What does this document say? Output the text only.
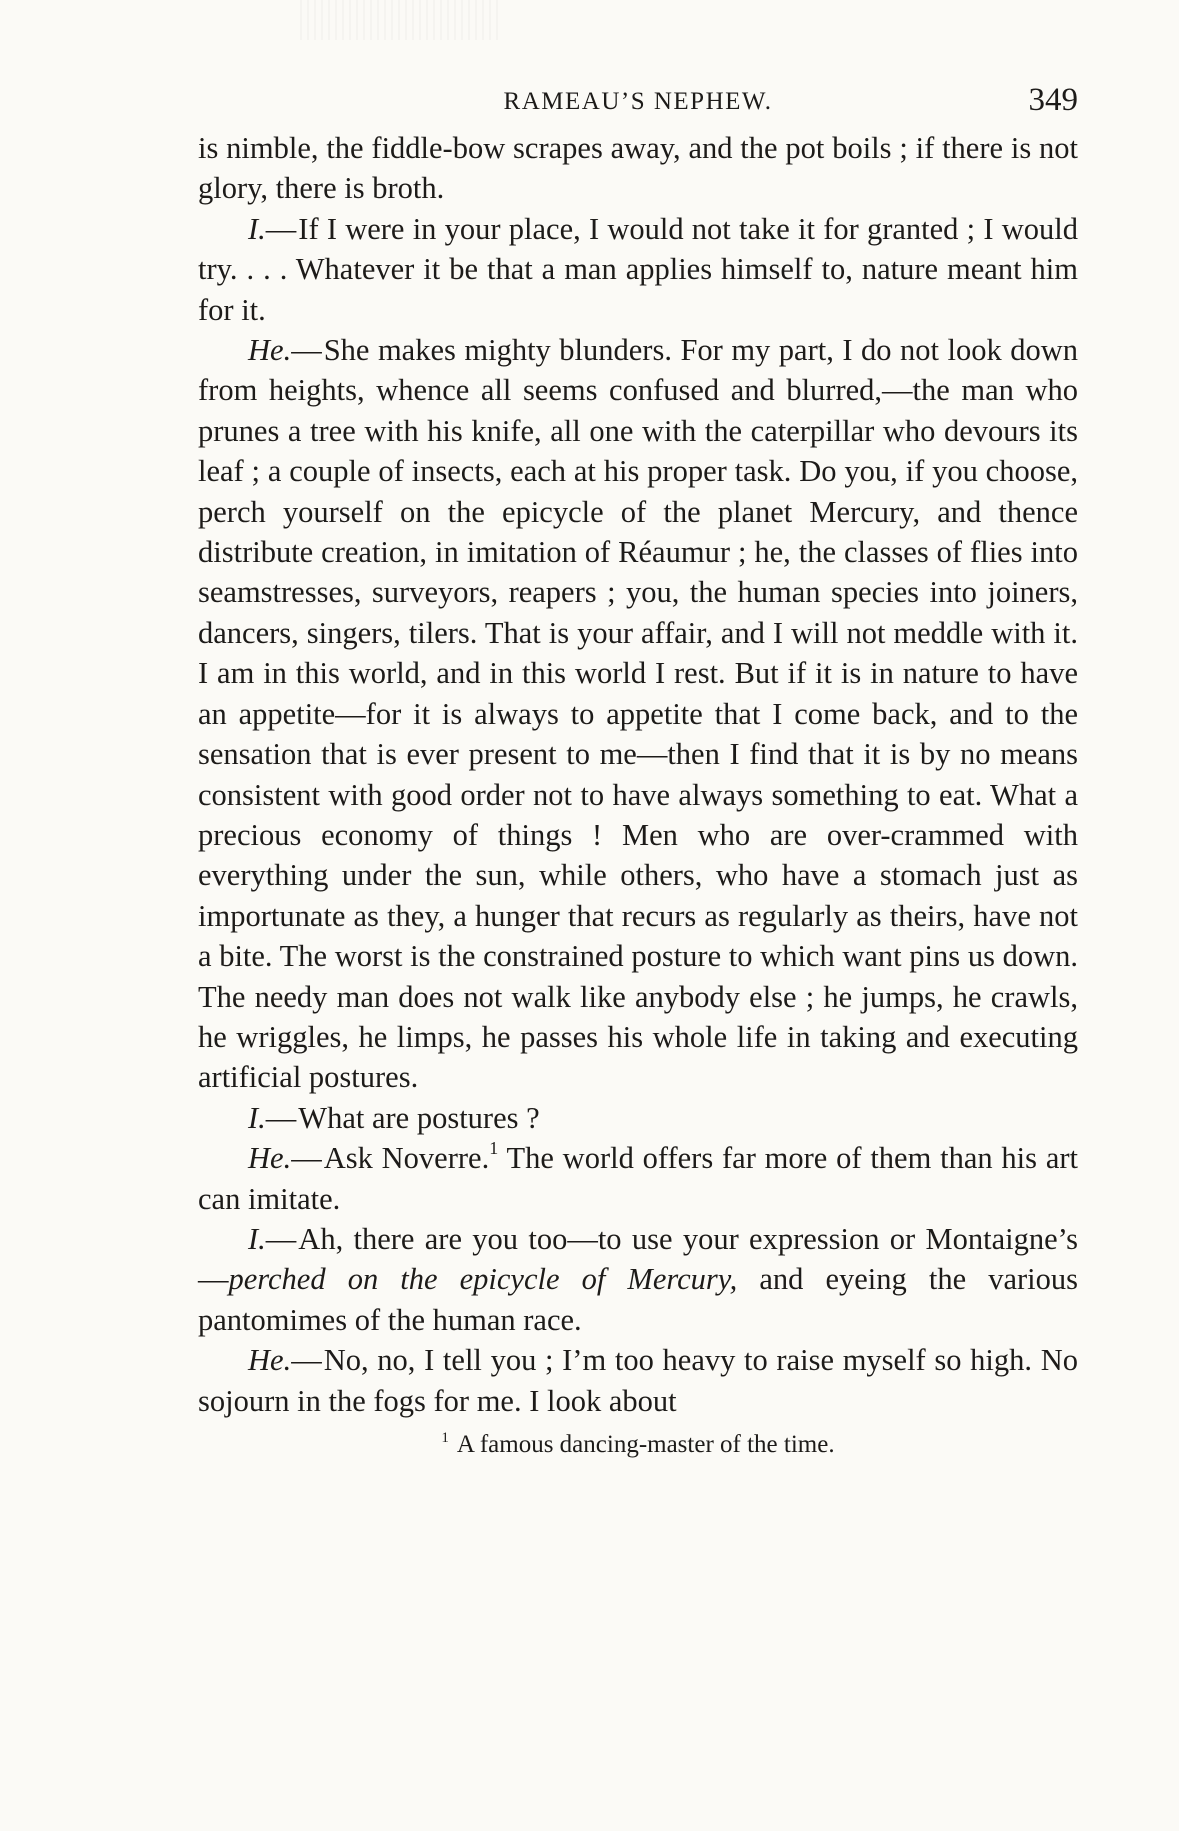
RAMEAU’S NEPHEW.	349

is nimble, the fiddle-bow scrapes away, and the pot boils ; if there is not glory, there is broth.

I.—If I were in your place, I would not take it for granted ; I would try. . . . Whatever it be that a man applies himself to, nature meant him for it.

He.—She makes mighty blunders. For my part, I do not look down from heights, whence all seems confused and blurred,—the man who prunes a tree with his knife, all one with the caterpillar who devours its leaf ; a couple of insects, each at his proper task. Do you, if you choose, perch yourself on the epicycle of the planet Mercury, and thence distribute creation, in imitation of Réaumur ; he, the classes of flies into seamstresses, surveyors, reapers ; you, the human species into joiners, dancers, singers, tilers. That is your affair, and I will not meddle with it. I am in this world, and in this world I rest. But if it is in nature to have an appetite—for it is always to appetite that I come back, and to the sensation that is ever present to me—then I find that it is by no means consistent with good order not to have always something to eat. What a precious economy of things ! Men who are over-crammed with everything under the sun, while others, who have a stomach just as importunate as they, a hunger that recurs as regularly as theirs, have not a bite. The worst is the constrained posture to which want pins us down. The needy man does not walk like anybody else ; he jumps, he crawls, he wriggles, he limps, he passes his whole life in taking and executing artificial postures.

I.—What are postures ?

He.—Ask Noverre.$^1$ The world offers far more of them than his art can imitate.

I.—Ah, there are you too—to use your expression or Montaigne’s—perched on the epicycle of Mercury, and eyeing the various pantomimes of the human race.

He.—No, no, I tell you ; I’m too heavy to raise myself so high. No sojourn in the fogs for me. I look about

$^1$ A famous dancing-master of the time.
